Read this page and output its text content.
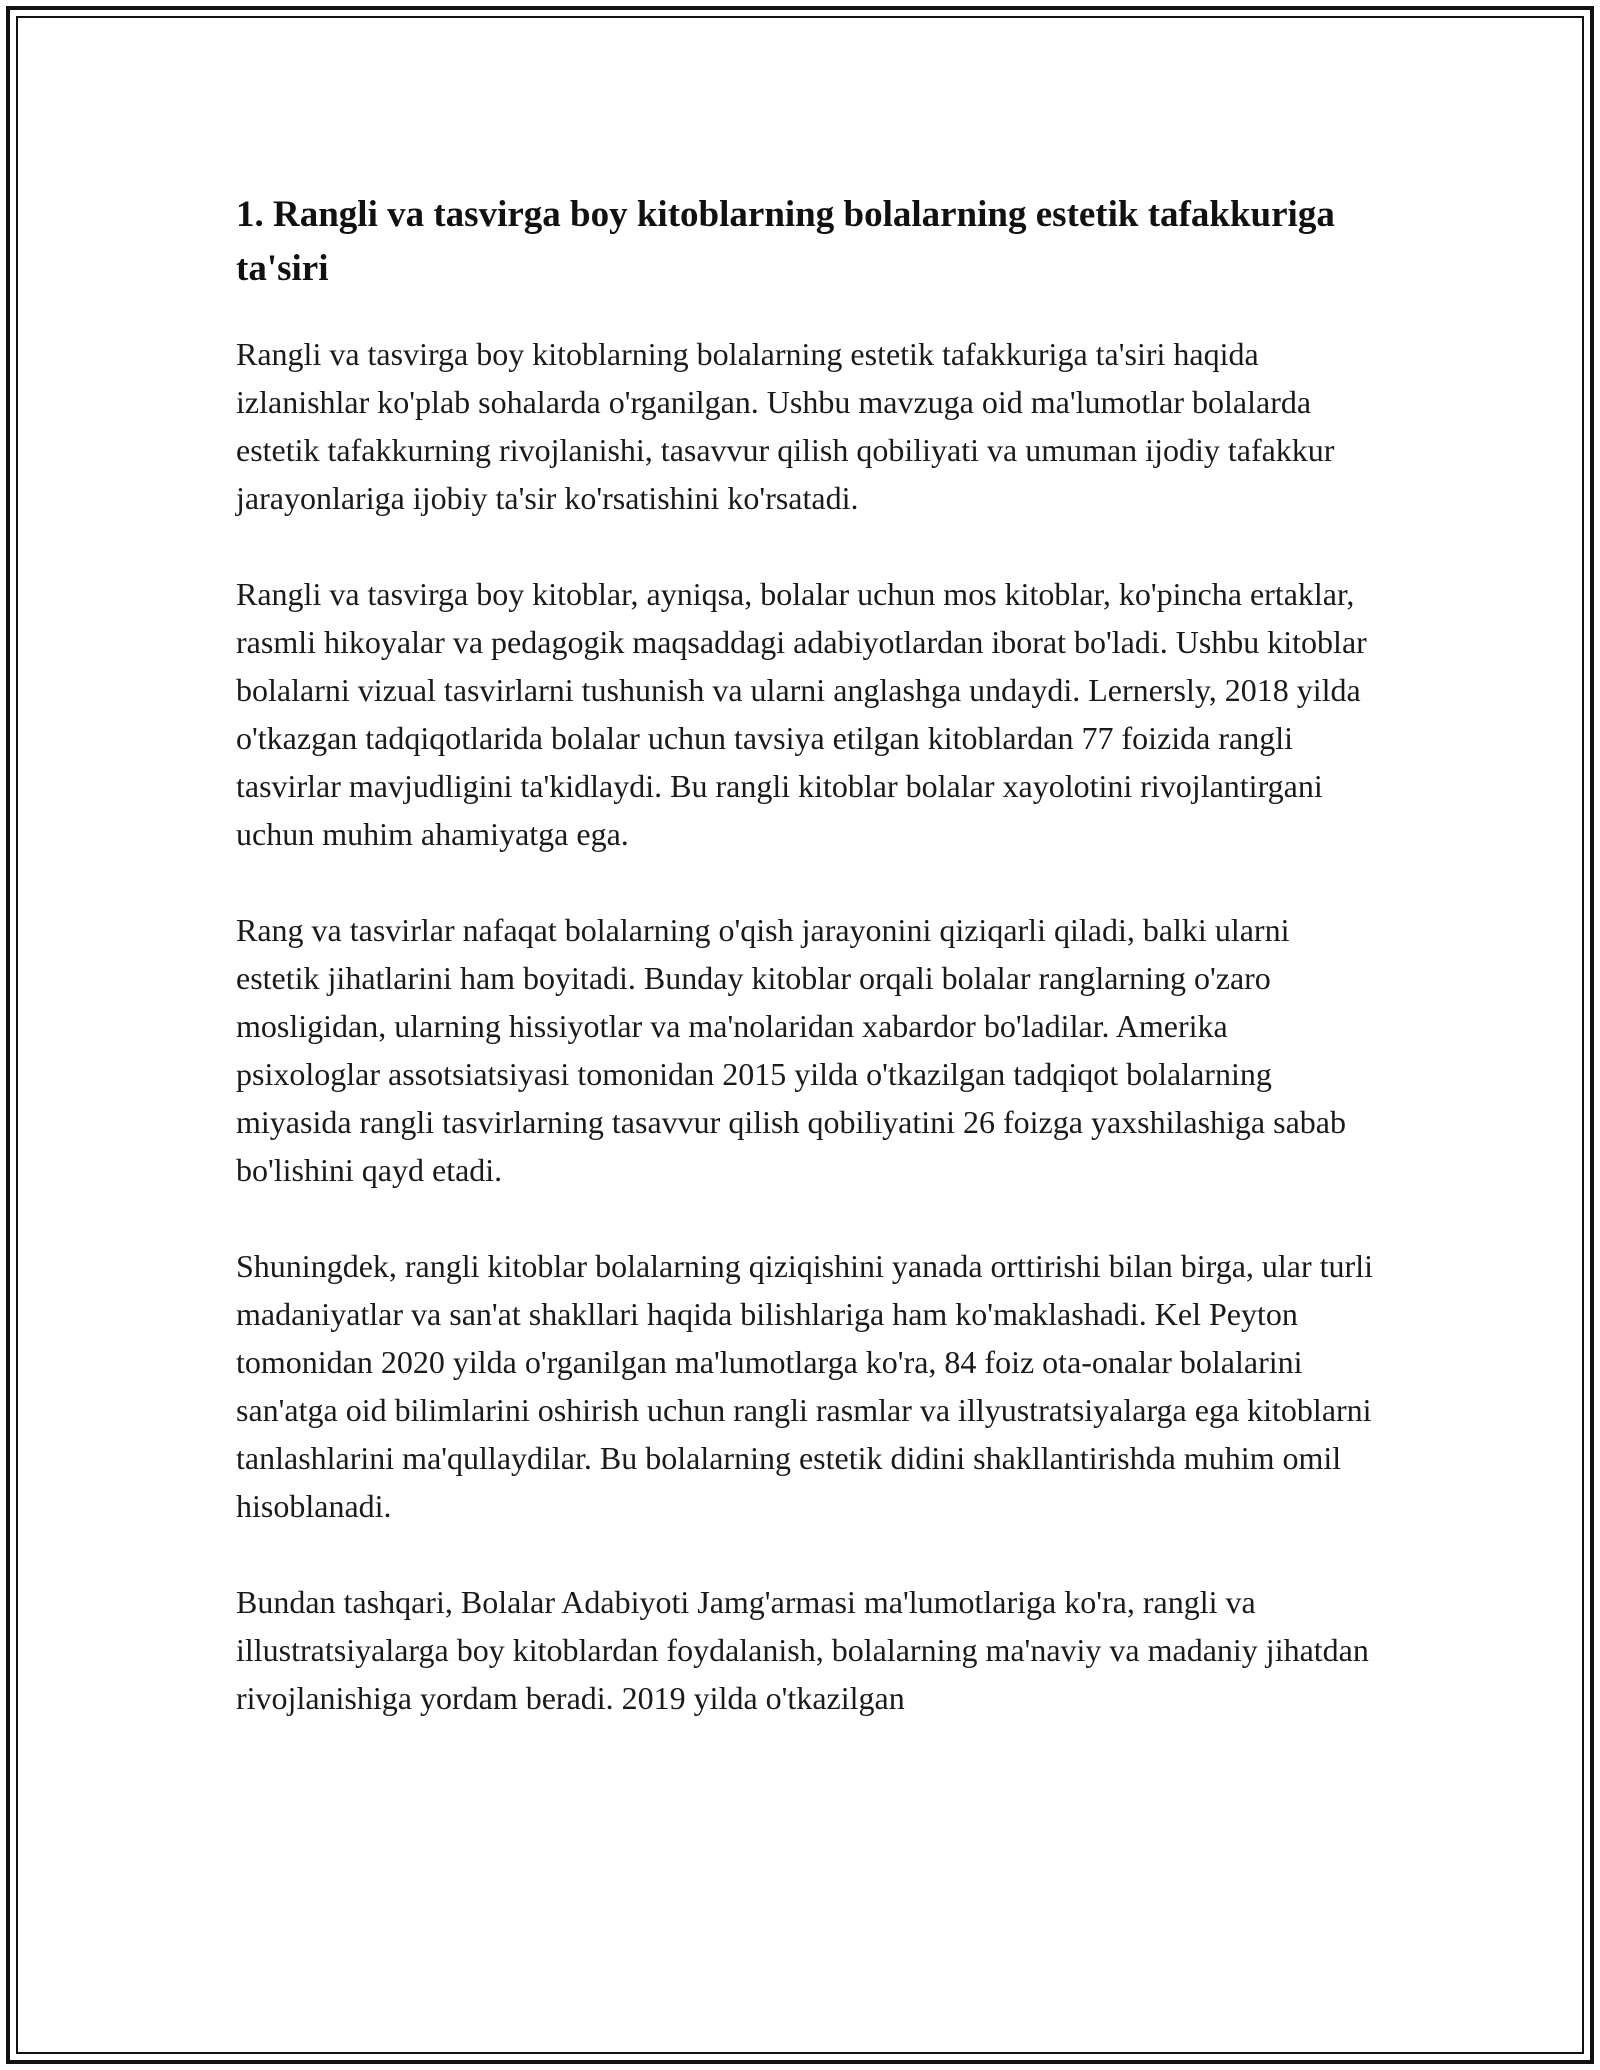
1. Rangli va tasvirga boy kitoblarning bolalarning estetik tafakkuriga ta'siri

Rangli va tasvirga boy kitoblarning bolalarning estetik tafakkuriga ta'siri haqida izlanishlar ko'plab sohalarda o'rganilgan. Ushbu mavzuga oid ma'lumotlar bolalarda estetik tafakkurning rivojlanishi, tasavvur qilish qobiliyati va umuman ijodiy tafakkur jarayonlariga ijobiy ta'sir ko'rsatishini ko'rsatadi.

Rangli va tasvirga boy kitoblar, ayniqsa, bolalar uchun mos kitoblar, ko'pincha ertaklar, rasmli hikoyalar va pedagogik maqsaddagi adabiyotlardan iborat bo'ladi. Ushbu kitoblar bolalarni vizual tasvirlarni tushunish va ularni anglashga undaydi. Lernersly, 2018 yilda o'tkazgan tadqiqotlarida bolalar uchun tavsiya etilgan kitoblardan 77 foizida rangli tasvirlar mavjudligini ta'kidlaydi. Bu rangli kitoblar bolalar xayolotini rivojlantirgani uchun muhim ahamiyatga ega.

Rang va tasvirlar nafaqat bolalarning o'qish jarayonini qiziqarli qiladi, balki ularni estetik jihatlarini ham boyitadi. Bunday kitoblar orqali bolalar ranglarning o'zaro mosligidan, ularning hissiyotlar va ma'nolaridan xabardor bo'ladilar. Amerika psixologlar assotsiatsiyasi tomonidan 2015 yilda o'tkazilgan tadqiqot bolalarning miyasida rangli tasvirlarning tasavvur qilish qobiliyatini 26 foizga yaxshilashiga sabab bo'lishini qayd etadi.

Shuningdek, rangli kitoblar bolalarning qiziqishini yanada orttirishi bilan birga, ular turli madaniyatlar va san'at shakllari haqida bilishlariga ham ko'maklashadi. Kel Peyton tomonidan 2020 yilda o'rganilgan ma'lumotlarga ko'ra, 84 foiz ota-onalar bolalarini san'atga oid bilimlarini oshirish uchun rangli rasmlar va illyustratsiyalarga ega kitoblarni tanlashlarini ma'qullaydilar. Bu bolalarning estetik didini shakllantirishda muhim omil hisoblanadi.

Bundan tashqari, Bolalar Adabiyoti Jamg'armasi ma'lumotlariga ko'ra, rangli va illustratsiyalarga boy kitoblardan foydalanish, bolalarning ma'naviy va madaniy jihatdan rivojlanishiga yordam beradi. 2019 yilda o'tkazilgan
